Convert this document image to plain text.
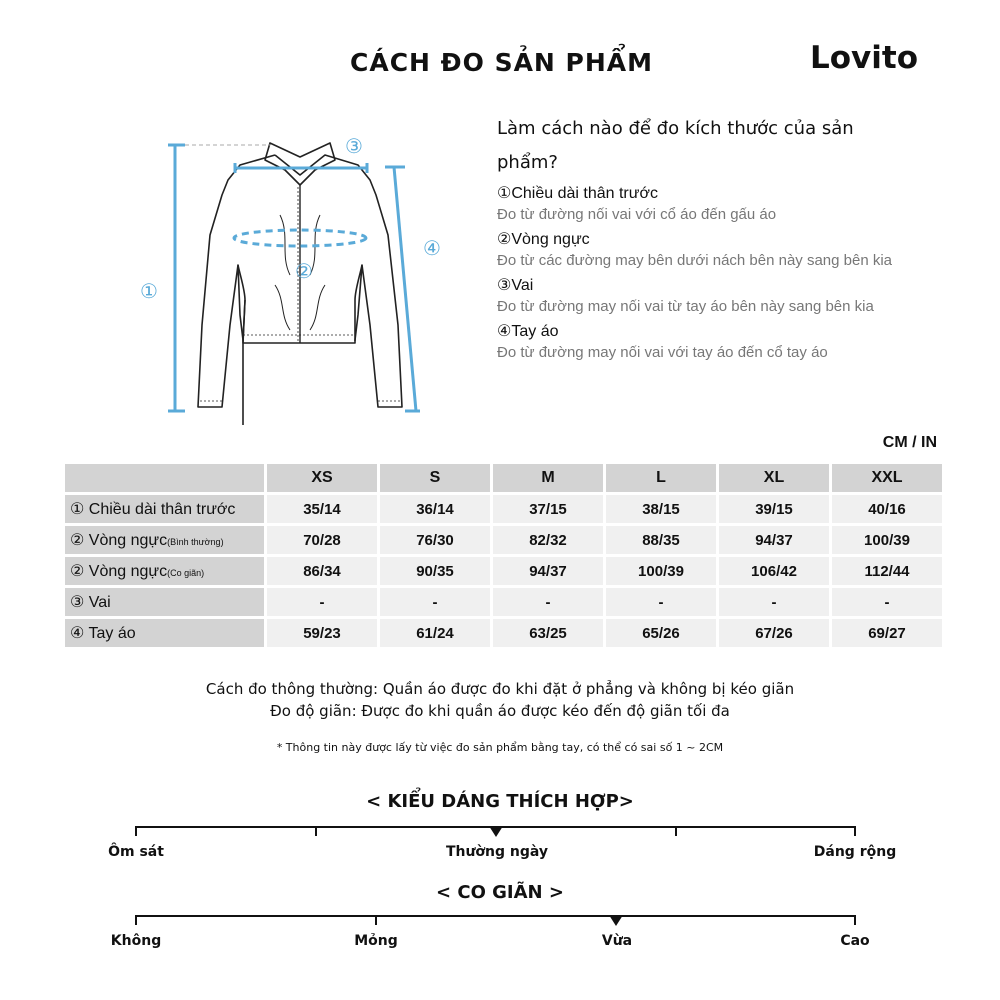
CÁCH ĐO SẢN PHẨM	Lovito
③
④
①
②
Làm cách nào để đo kích thước của sản phẩm?
①Chiều dài thân trước
Đo từ đường nối vai với cổ áo đến gấu áo
②Vòng ngực
Đo từ các đường may bên dưới nách bên này sang bên kia
③Vai
Đo từ đường may nối vai từ tay áo bên này sang bên kia
④Tay áo
Đo từ đường may nối vai với tay áo đến cổ tay áo
CM / IN
	XS	S	M	L	XL	XXL
① Chiều dài thân trước	35/14	36/14	37/15	38/15	39/15	40/16
② Vòng ngực(Bình thường)	70/28	76/30	82/32	88/35	94/37	100/39
② Vòng ngực(Co giãn)	86/34	90/35	94/37	100/39	106/42	112/44
③ Vai	-	-	-	-	-	-
④ Tay áo	59/23	61/24	63/25	65/26	67/26	69/27
Cách đo thông thường: Quần áo được đo khi đặt ở phẳng và không bị kéo giãn
Đo độ giãn: Được đo khi quần áo được kéo đến độ giãn tối đa
* Thông tin này được lấy từ việc đo sản phẩm bằng tay, có thể có sai số 1 ~ 2CM
< KIỂU DÁNG THÍCH HỢP>
Ôm sát	Thường ngày	Dáng rộng
< CO GIÃN >
Không	Mỏng	Vừa	Cao
